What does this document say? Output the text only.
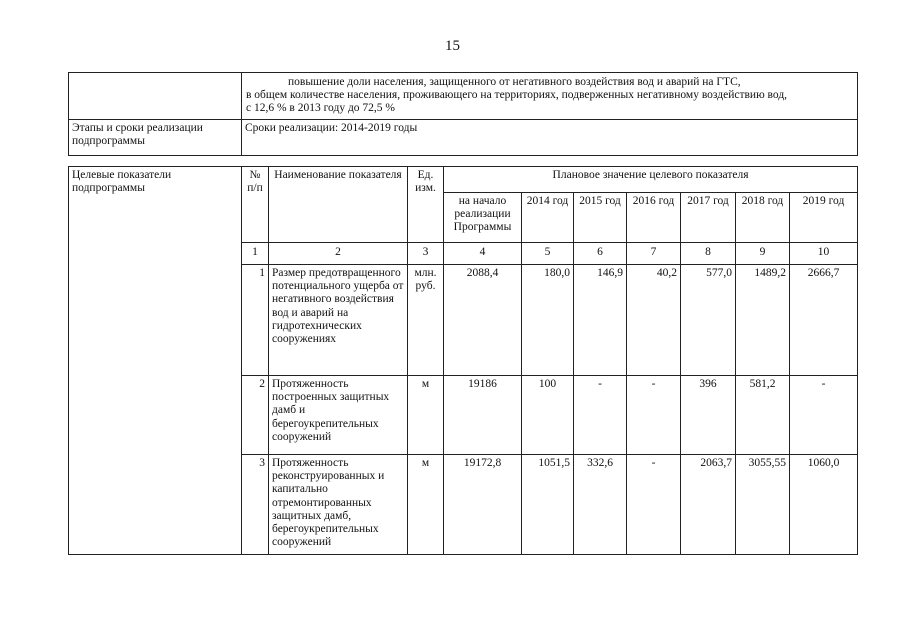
15

	повышение доли населения, защищенного от негативного воздействия вод и аварий на ГТС,
в общем количестве населения, проживающего на территориях, подверженных негативному воздействию вод,
с 12,6 % в 2013 году до 72,5 %
Этапы и сроки реализации подпрограммы	Сроки реализации: 2014-2019 годы
Целевые показатели подпрограммы	№ п/п	Наименование показателя	Ед. изм.	Плановое значение целевого показателя						
				на начало реализации Программы	2014 год	2015 год	2016 год	2017 год	2018 год	2019 год
	1	2	3	4	5	6	7	8	9	10
	1	Размер предотвращенного потенциального ущерба от негативного воздействия вод и аварий на гидротехнических сооружениях	млн. руб.	2088,4	180,0	146,9	40,2	577,0	1489,2	2666,7
	2	Протяженность построенных защитных дамб и берегоукрепительных сооружений	м	19186	100	-	-	396	581,2	-
	3	Протяженность реконструированных и капитально отремонтированных защитных дамб, берегоукрепительных сооружений	м	19172,8	1051,5	332,6	-	2063,7	3055,55	1060,0
